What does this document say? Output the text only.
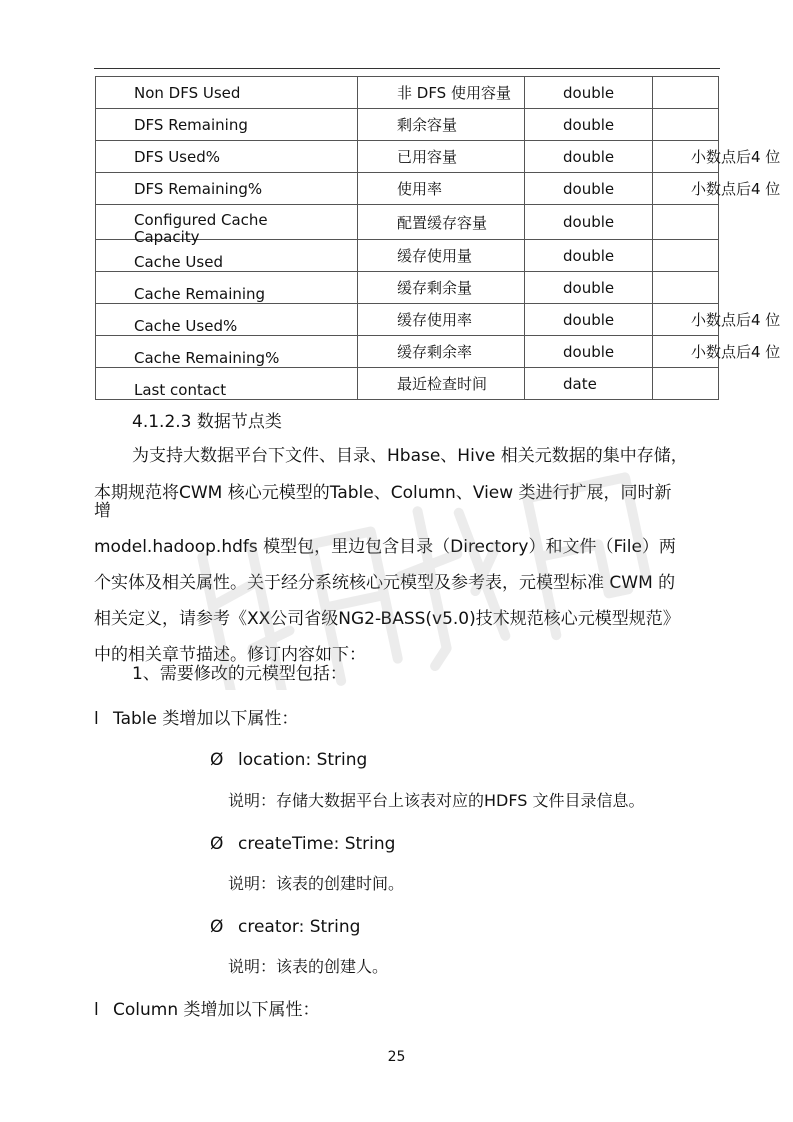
Non DFS Used	非 DFS 使用容量	double	
DFS Remaining	剩余容量	double	
DFS Used%	已用容量	double	小数点后4 位
DFS Remaining%	使用率	double	小数点后4 位

Configured Cache Capacity	配置缓存容量	double	

Cache Used	缓存使用量	double	

Cache Remaining	缓存剩余量	double	

Cache Used%	缓存使用率	double	小数点后4 位

Cache Remaining%	缓存剩余率	double	小数点后4 位

Last contact	最近检查时间	date	
4.1.2.3 数据节点类
为支持大数据平台下文件、目录、Hbase、Hive 相关元数据的集中存储，
本期规范将CWM 核心元模型的Table、Column、View 类进行扩展，同时新
增
model.hadoop.hdfs 模型包，里边包含目录（Directory）和文件（File）两
个实体及相关属性。关于经分系统核心元模型及参考表，元模型标准 CWM 的
相关定义，请参考《XX公司省级NG2-BASS(v5.0)技术规范核心元模型规范》
中的相关章节描述。修订内容如下：
1、需要修改的元模型包括：
l Table 类增加以下属性：
Ø location: String
说明：存储大数据平台上该表对应的HDFS 文件目录信息。
Ø createTime: String
说明：该表的创建时间。
Ø creator: String
说明：该表的创建人。
l Column 类增加以下属性：
25
